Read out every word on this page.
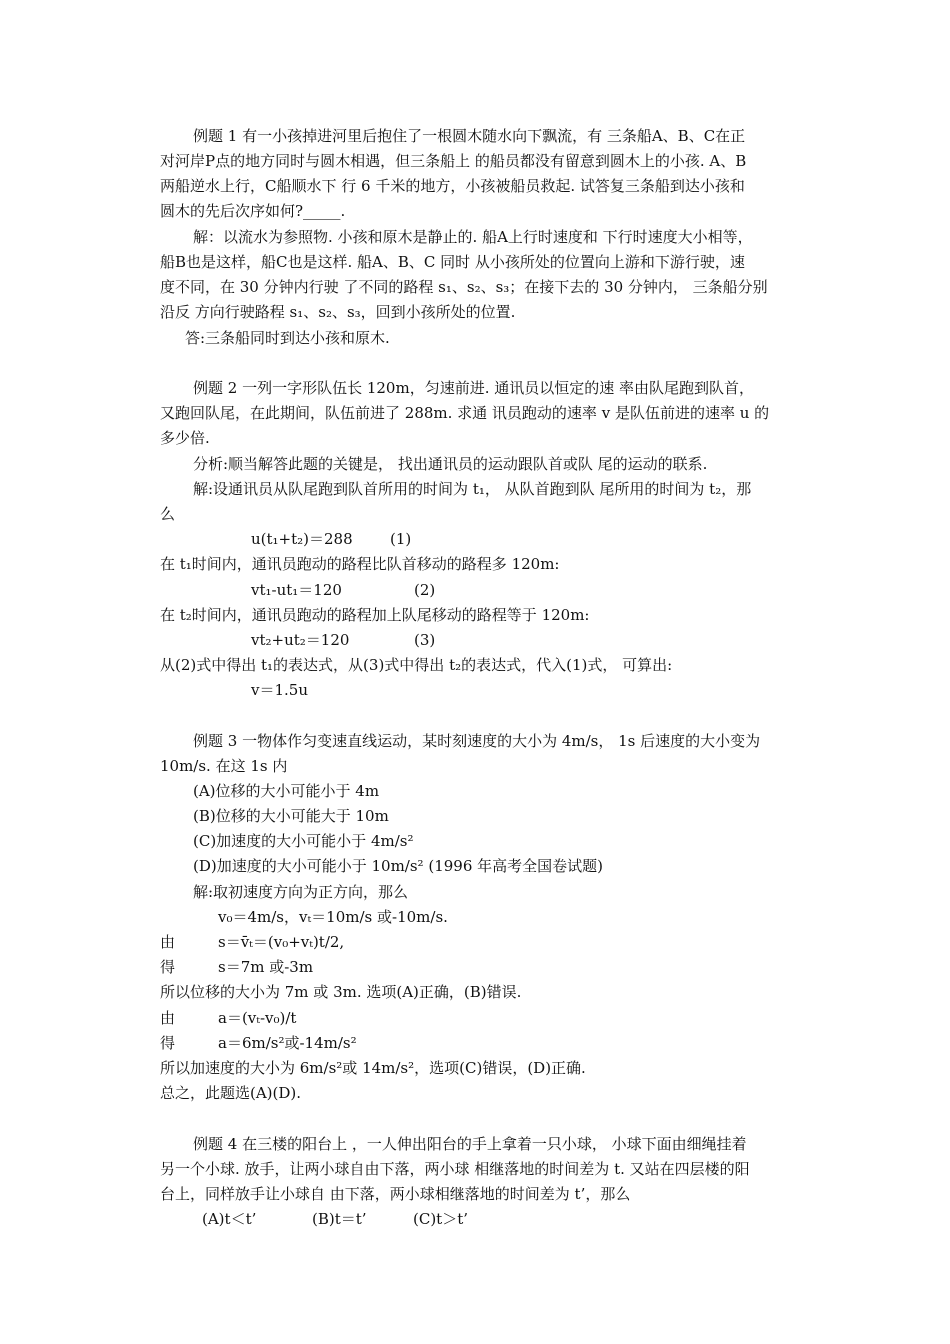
例题 1 有一小孩掉进河里后抱住了一根圆木随水向下飘流，有 三条船A、B、C在正
对河岸P点的地方同时与圆木相遇，但三条船上 的船员都没有留意到圆木上的小孩. A、B
两船逆水上行，C船顺水下 行 6 千米的地方，小孩被船员救起. 试答复三条船到达小孩和
圆木的先后次序如何?_____.
解：以流水为参照物. 小孩和原木是静止的. 船A上行时速度和 下行时速度大小相等，
船B也是这样，船C也是这样. 船A、B、C 同时 从小孩所处的位置向上游和下游行驶，速
度不同，在 30 分钟内行驶 了不同的路程 s₁、s₂、s₃；在接下去的 30 分钟内， 三条船分别
沿反 方向行驶路程 s₁、s₂、s₃，回到小孩所处的位置.
答:三条船同时到达小孩和原木.
例题 2 一列一字形队伍长 120m，匀速前进. 通讯员以恒定的速 率由队尾跑到队首，
又跑回队尾，在此期间，队伍前进了 288m. 求通 讯员跑动的速率 v 是队伍前进的速率 u 的
多少倍.
分析:顺当解答此题的关键是， 找出通讯员的运动跟队首或队 尾的运动的联系.
解:设通讯员从队尾跑到队首所用的时间为 t₁， 从队首跑到队 尾所用的时间为 t₂，那
么
u(t₁+t₂)＝288 (1)
在 t₁时间内，通讯员跑动的路程比队首移动的路程多 120m:
vt₁-ut₁＝120	(2)
在 t₂时间内，通讯员跑动的路程加上队尾移动的路程等于 120m:
vt₂+ut₂＝120	(3)
从(2)式中得出 t₁的表达式，从(3)式中得出 t₂的表达式，代入(1)式， 可算出:
v＝1.5u
例题 3 一物体作匀变速直线运动，某时刻速度的大小为 4m/s， 1s 后速度的大小变为
10m/s. 在这 1s 内
(A)位移的大小可能小于 4m
(B)位移的大小可能大于 10m
(C)加速度的大小可能小于 4m/s²
(D)加速度的大小可能小于 10m/s² (1996 年高考全国卷试题)
解:取初速度方向为正方向，那么
v₀＝4m/s，vₜ＝10m/s 或-10m/s.
由	s＝v̄ₜ＝(v₀+vₜ)t/2,
得	s＝7m 或-3m
所以位移的大小为 7m 或 3m. 选项(A)正确，(B)错误.
由	a＝(vₜ-v₀)/t
得	a＝6m/s²或-14m/s²
所以加速度的大小为 6m/s²或 14m/s²，选项(C)错误，(D)正确.
总之，此题选(A)(D).
例题 4 在三楼的阳台上 ，一人伸出阳台的手上拿着一只小球， 小球下面由细绳挂着
另一个小球. 放手，让两小球自由下落，两小球 相继落地的时间差为 t. 又站在四层楼的阳
台上，同样放手让小球自 由下落，两小球相继落地的时间差为 t’，那么
(A)t＜t’	(B)t＝t’	(C)t＞t’
